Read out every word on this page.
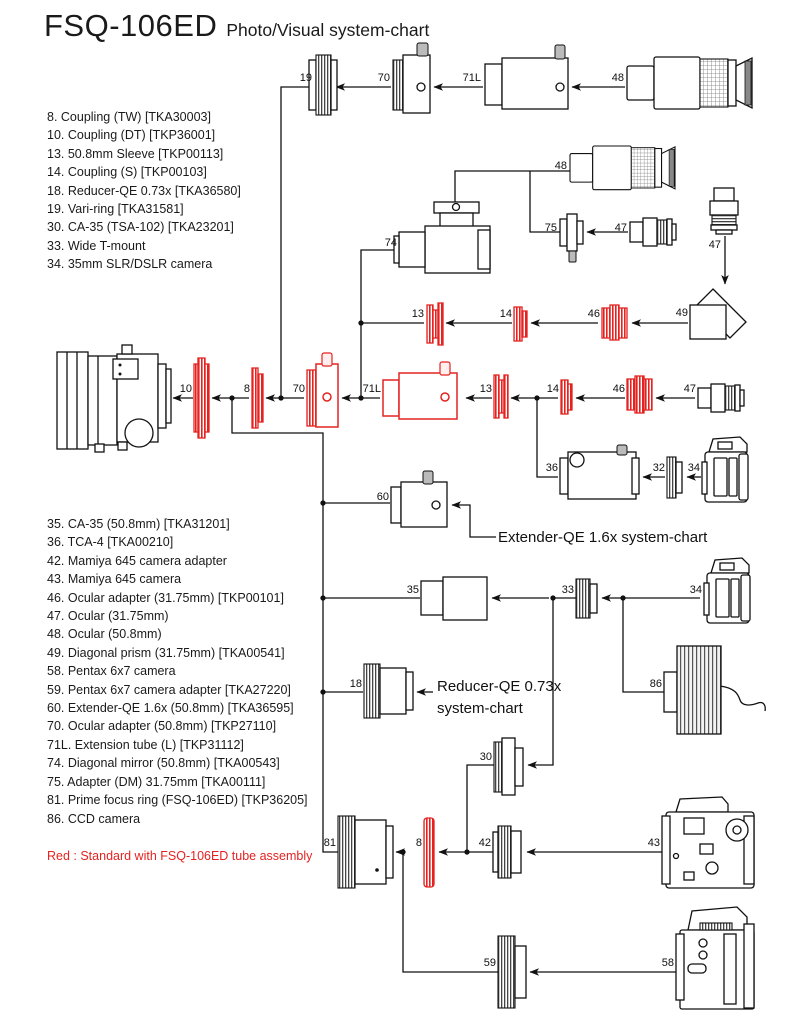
FSQ-106ED Photo/Visual system-chart
8. Coupling (TW) [TKA30003]
10. Coupling (DT) [TKP36001]
13. 50.8mm Sleeve [TKP00113]
14. Coupling (S) [TKP00103]
18. Reducer-QE 0.73x [TKA36580]
19. Vari-ring [TKA31581]
30. CA-35 (TSA-102) [TKA23201]
33. Wide T-mount
34. 35mm SLR/DSLR camera
35. CA-35 (50.8mm) [TKA31201]
36. TCA-4 [TKA00210]
42. Mamiya 645 camera adapter
43. Mamiya 645 camera
46. Ocular adapter (31.75mm) [TKP00101]
47. Ocular (31.75mm)
48. Ocular (50.8mm)
49. Diagonal prism (31.75mm) [TKA00541]
58. Pentax 6x7 camera
59. Pentax 6x7 camera adapter [TKA27220]
60. Extender-QE 1.6x (50.8mm) [TKA36595]
70. Ocular adapter (50.8mm) [TKP27110]
71L. Extension tube (L) [TKP31112]
74. Diagonal mirror (50.8mm) [TKA00543]
75. Adapter (DM) 31.75mm [TKA00111]
81. Prime focus ring (FSQ-106ED) [TKP36205]
86. CCD camera
Red : Standard with FSQ-106ED tube assembly
19	70	71L	48
48
75	47
47
74
13	14	46	49
10	8	70	71L	13	14	46	47
36	32 34
60
35	33	34
86
18
30
81	8	42	43
59	58
Extender-QE 1.6x system-chart
Reducer-QE 0.73x
system-chart
